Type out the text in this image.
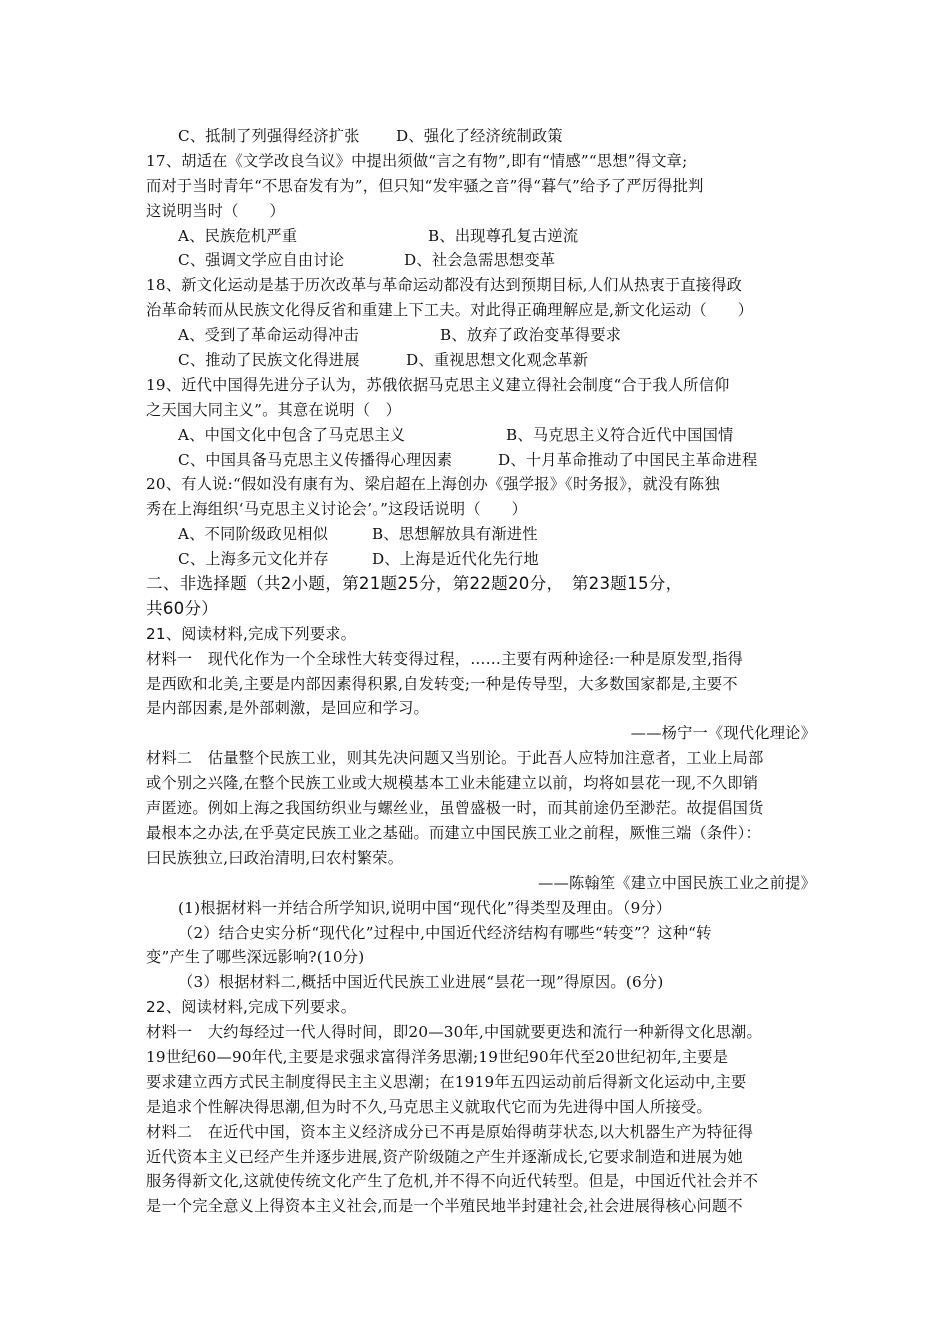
C、抵制了列强得经济扩张	D、强化了经济统制政策
17、胡适在《文学改良刍议》中提出须做“言之有物”,即有“情感”“思想”得文章;
而对于当时青年“不思奋发有为”，但只知“发牢骚之音”得“暮气”给予了严厉得批判
这说明当时（　　）
A、民族危机严重	B、出现尊孔复古逆流
C、强调文学应自由讨论	D、社会急需思想变革
18、新文化运动是基于历次改革与革命运动都没有达到预期目标,人们从热衷于直接得政
治革命转而从民族文化得反省和重建上下工夫。对此得正确理解应是,新文化运动（　　）
A、受到了革命运动得冲击	B、放弃了政治变革得要求
C、推动了民族文化得进展	D、重视思想文化观念革新
19、近代中国得先进分子认为，苏俄依据马克思主义建立得社会制度“合于我人所信仰
之天国大同主义”。其意在说明（　）
A、中国文化中包含了马克思主义	B、马克思主义符合近代中国国情
C、中国具备马克思主义传播得心理因素	D、十月革命推动了中国民主革命进程
20、有人说:“假如没有康有为、梁启超在上海创办《强学报》《时务报》，就没有陈独
秀在上海组织‘马克思主义讨论会’。”这段话说明（　　）
A、不同阶级政见相似	B、思想解放具有渐进性
C、上海多元文化并存	D、上海是近代化先行地
二、非选择题（共2小题，第21题25分，第22题20分，　第23题15分，
共60分）
21、阅读材料,完成下列要求。
材料一　现代化作为一个全球性大转变得过程，……主要有两种途径:一种是原发型,指得
是西欧和北美,主要是内部因素得积累,自发转变;一种是传导型，大多数国家都是,主要不
是内部因素,是外部刺激，是回应和学习。
——杨宁一《现代化理论》
材料二　估量整个民族工业，则其先决问题又当别论。于此吾人应特加注意者，工业上局部
或个别之兴隆,在整个民族工业或大规模基本工业未能建立以前，均将如昙花一现,不久即销
声匿迹。例如上海之我国纺织业与螺丝业，虽曾盛极一时，而其前途仍至渺茫。故提倡国货
最根本之办法,在乎莫定民族工业之基础。而建立中国民族工业之前程，厥惟三端（条件）：
曰民族独立,曰政治清明,曰农村繁荣。
——陈翰笙《建立中国民族工业之前提》
(1)根据材料一并结合所学知识,说明中国“现代化”得类型及理由。（9分）
（2）结合史实分析“现代化”过程中,中国近代经济结构有哪些“转变”？这种“转
变”产生了哪些深远影响?(10分)
（3）根据材料二,概括中国近代民族工业进展“昙花一现”得原因。(6分)
22、阅读材料,完成下列要求。
材料一　大约每经过一代人得时间，即20—30年,中国就要更迭和流行一种新得文化思潮。
19世纪60—90年代,主要是求强求富得洋务思潮;19世纪90年代至20世纪初年,主要是
要求建立西方式民主制度得民主主义思潮；在1919年五四运动前后得新文化运动中,主要
是追求个性解决得思潮,但为时不久,马克思主义就取代它而为先进得中国人所接受。
材料二　在近代中国，资本主义经济成分已不再是原始得萌芽状态,以大机器生产为特征得
近代资本主义已经产生并逐步进展,资产阶级随之产生并逐渐成长,它要求制造和进展为她
服务得新文化,这就使传统文化产生了危机,并不得不向近代转型。但是，中国近代社会并不
是一个完全意义上得资本主义社会,而是一个半殖民地半封建社会,社会进展得核心问题不
